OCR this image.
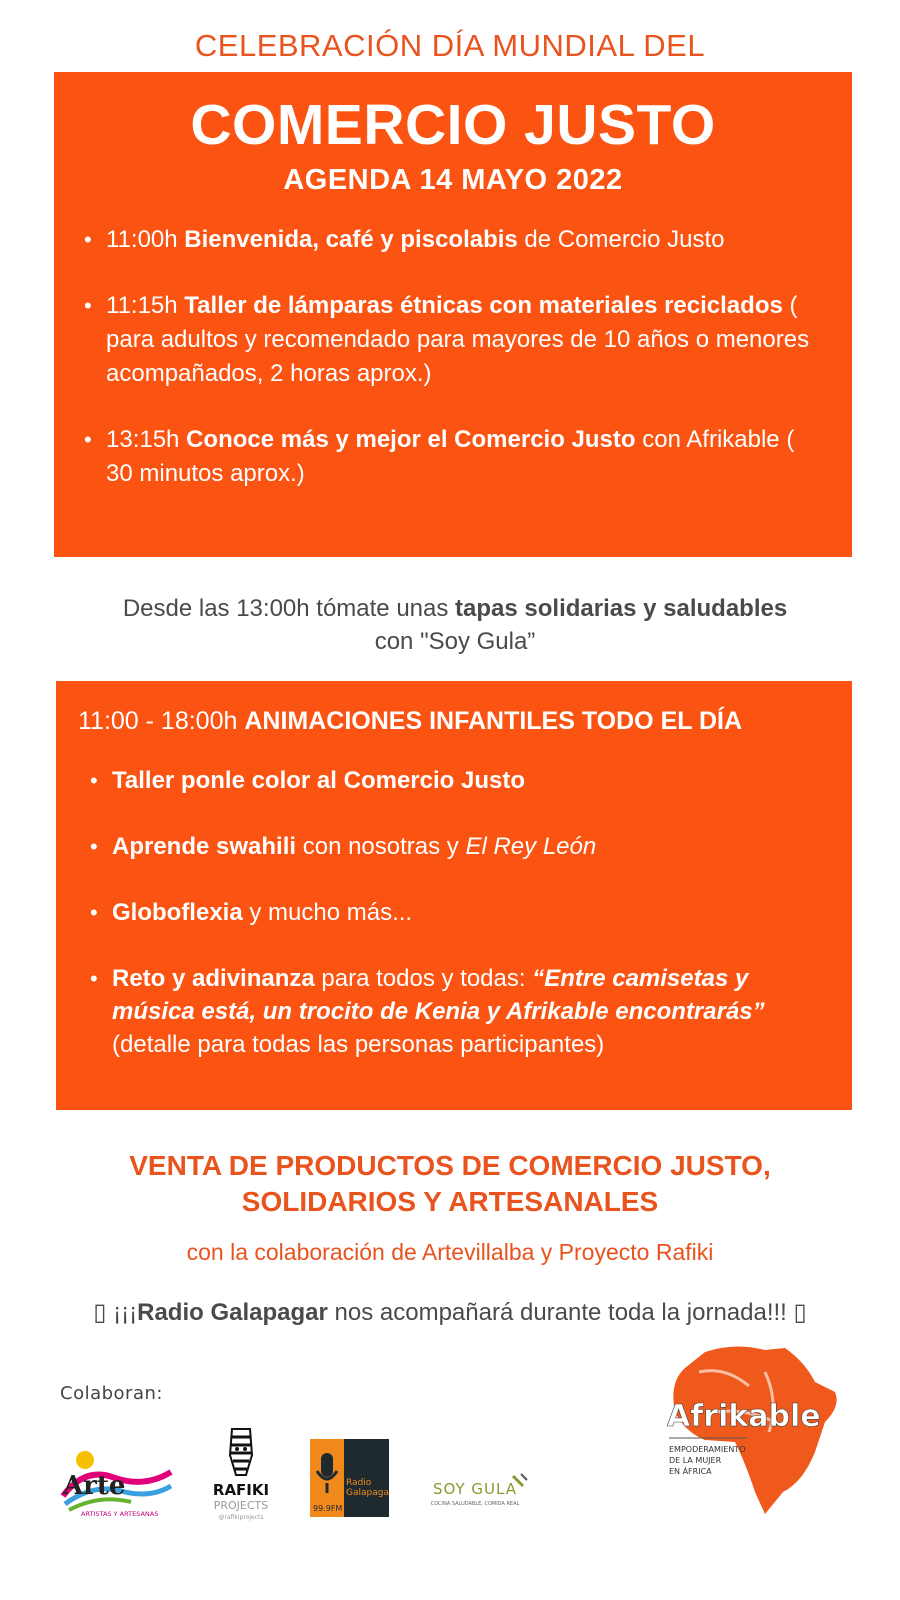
CELEBRACIÓN DÍA MUNDIAL DEL
COMERCIO JUSTO
AGENDA 14 MAYO 2022
• 11:00h Bienvenida, café y piscolabis de Comercio Justo
• 11:15h Taller de lámparas étnicas con materiales reciclados ( para adultos y recomendado para mayores de 10 años o menores acompañados, 2 horas aprox.)
• 13:15h Conoce más y mejor el Comercio Justo con Afrikable ( 30 minutos aprox.)
Desde las 13:00h tómate unas tapas solidarias y saludables
con "Soy Gula”
11:00 - 18:00h ANIMACIONES INFANTILES TODO EL DÍA
• Taller ponle color al Comercio Justo
• Aprende swahili con nosotras y El Rey León
• Globoflexia y mucho más...
• Reto y adivinanza para todos y todas: “Entre camisetas y música está, un trocito de Kenia y Afrikable encontrarás” (detalle para todas las personas participantes)
VENTA DE PRODUCTOS DE COMERCIO JUSTO,
SOLIDARIOS Y ARTESANALES
con la colaboración de Artevillalba y Proyecto Rafiki
▯ ¡¡¡Radio Galapagar nos acompañará durante toda la jornada!!! ▯
Colaboran:
Arte
ARTISTAS Y ARTESANAS
RAFIKI
PROJECTS
@rafikiprojects
Radio
Galapagar
99.9FM
SOY GULA
COCINA SALUDABLE, COMIDA REAL
Afrikable
EMPODERAMIENTO
DE LA MUJER
EN ÁFRICA
